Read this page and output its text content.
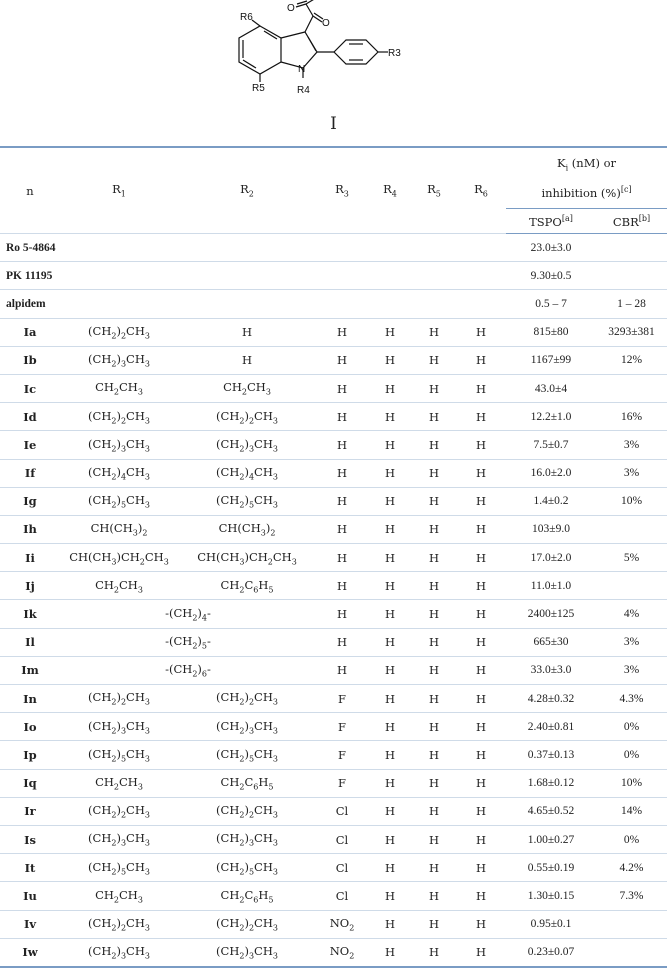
R6
R5
N
R4
R3
O
O
I
n	$R_1$	$R_2$	$R_3$	$R_4$	$R_5$	$R_6$	$K_i$ (nM) or
inhibition (%)[c]
							TSPO[a]	CBR[b]
Ro 5-4864							23.0±3.0	
PK 11195							9.30±0.5	
alpidem							0.5 – 7	1 – 28
Ia	$(CH_2)_2CH_3$	H	H	H	H	H	815±80	3293±381
Ib	$(CH_2)_3CH_3$	H	H	H	H	H	1167±99	12%
Ic	$CH_2CH_3$	$CH_2CH_3$	H	H	H	H	43.0±4	
Id	$(CH_2)_2CH_3$	$(CH_2)_2CH_3$	H	H	H	H	12.2±1.0	16%
Ie	$(CH_2)_3CH_3$	$(CH_2)_3CH_3$	H	H	H	H	7.5±0.7	3%
If	$(CH_2)_4CH_3$	$(CH_2)_4CH_3$	H	H	H	H	16.0±2.0	3%
Ig	$(CH_2)_5CH_3$	$(CH_2)_5CH_3$	H	H	H	H	1.4±0.2	10%
Ih	$CH(CH_3)_2$	$CH(CH_3)_2$	H	H	H	H	103±9.0	
Ii	$CH(CH_3)CH_2CH_3$	$CH(CH_3)CH_2CH_3$	H	H	H	H	17.0±2.0	5%
Ij	$CH_2CH_3$	$CH_2C_6H_5$	H	H	H	H	11.0±1.0	
Ik	$-(CH_2)_4-$		H	H	H	H	2400±125	4%
Il	$-(CH_2)_5-$		H	H	H	H	665±30	3%
Im	$-(CH_2)_6-$		H	H	H	H	33.0±3.0	3%
In	$(CH_2)_2CH_3$	$(CH_2)_2CH_3$	F	H	H	H	4.28±0.32	4.3%
Io	$(CH_2)_3CH_3$	$(CH_2)_3CH_3$	F	H	H	H	2.40±0.81	0%
Ip	$(CH_2)_5CH_3$	$(CH_2)_5CH_3$	F	H	H	H	0.37±0.13	0%
Iq	$CH_2CH_3$	$CH_2C_6H_5$	F	H	H	H	1.68±0.12	10%
Ir	$(CH_2)_2CH_3$	$(CH_2)_2CH_3$	Cl	H	H	H	4.65±0.52	14%
Is	$(CH_2)_3CH_3$	$(CH_2)_3CH_3$	Cl	H	H	H	1.00±0.27	0%
It	$(CH_2)_5CH_3$	$(CH_2)_5CH_3$	Cl	H	H	H	0.55±0.19	4.2%
Iu	$CH_2CH_3$	$CH_2C_6H_5$	Cl	H	H	H	1.30±0.15	7.3%
Iv	$(CH_2)_2CH_3$	$(CH_2)_2CH_3$	$NO_2$	H	H	H	0.95±0.1	
Iw	$(CH_2)_3CH_3$	$(CH_2)_3CH_3$	$NO_2$	H	H	H	0.23±0.07	
